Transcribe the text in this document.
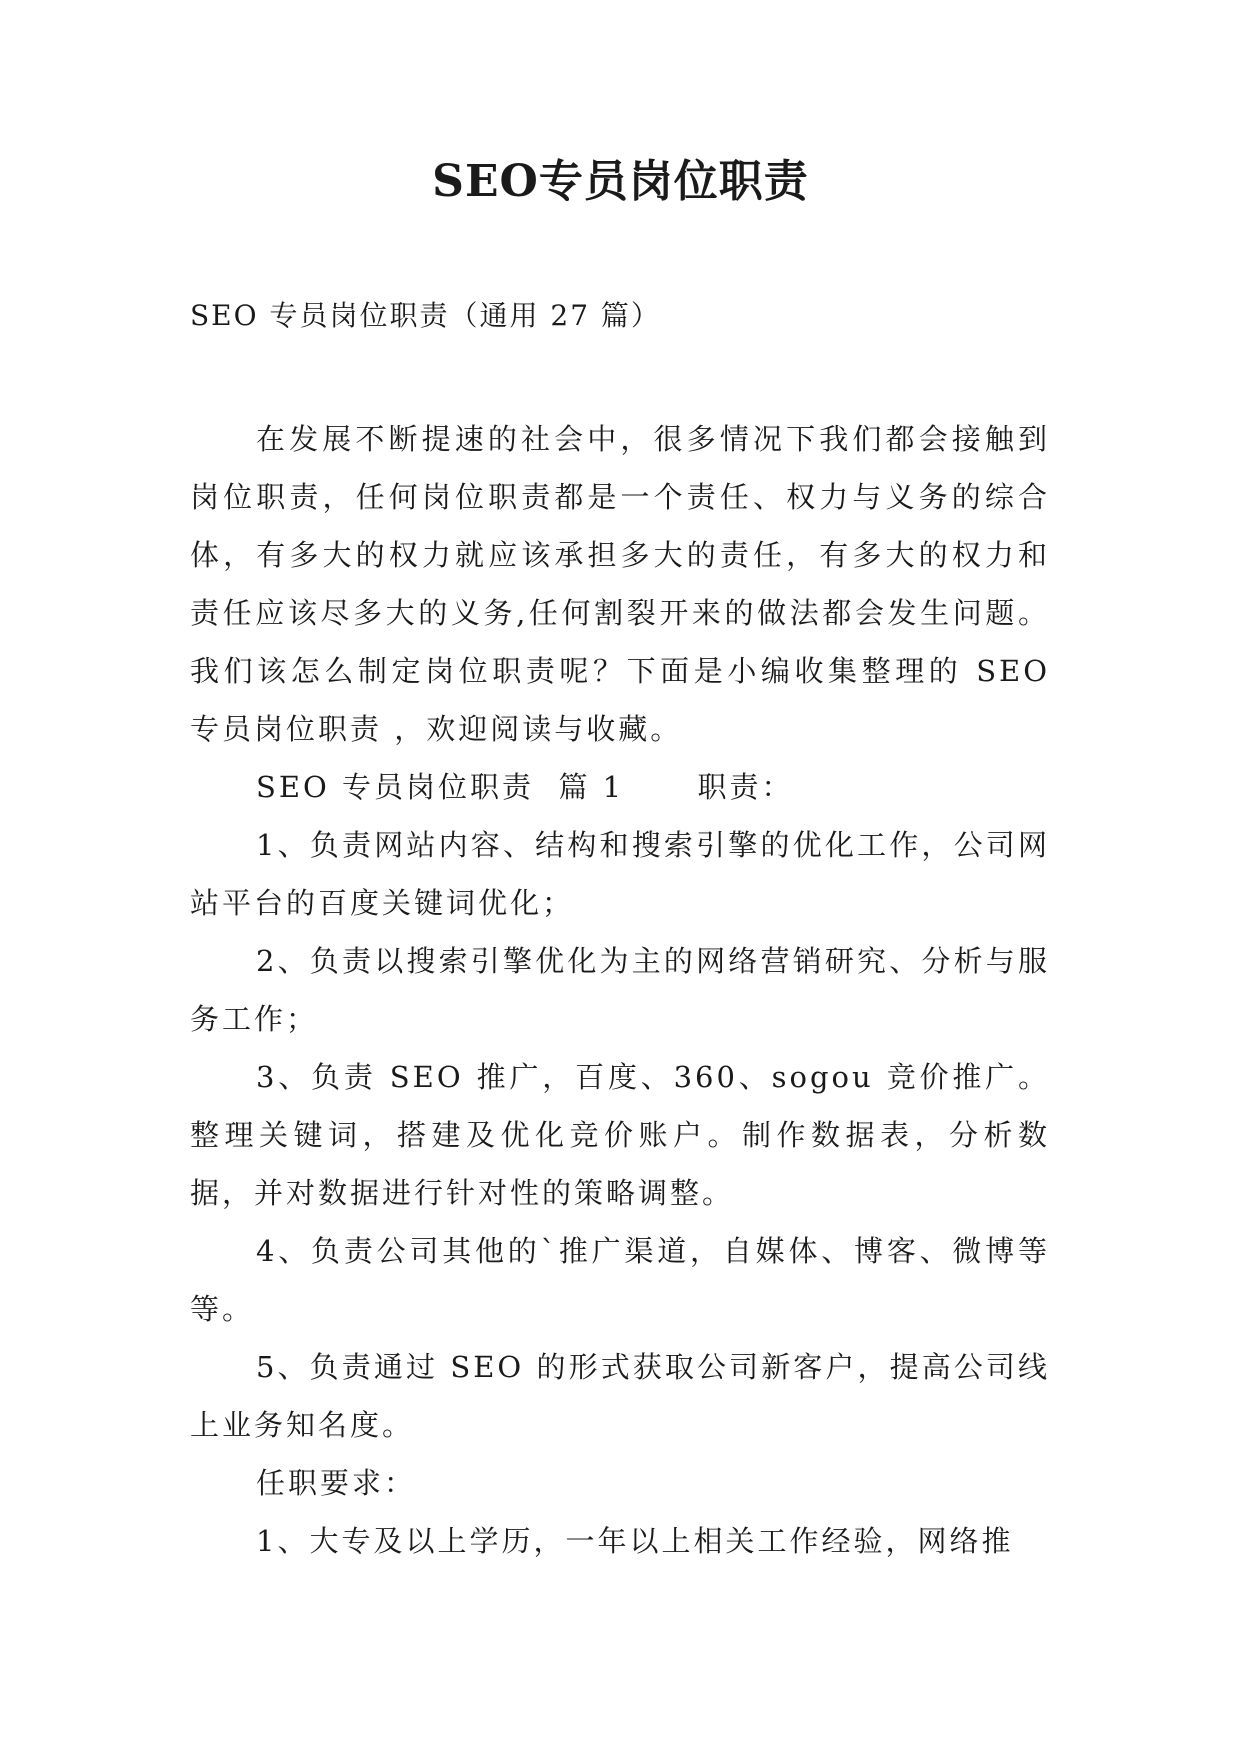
SEO专员岗位职责
SEO 专员岗位职责（通用 27 篇）

在发展不断提速的社会中，很多情况下我们都会接触到岗位职责，任何岗位职责都是一个责任、权力与义务的综合体，有多大的权力就应该承担多大的责任，有多大的权力和责任应该尽多大的义务,任何割裂开来的做法都会发生问题。我们该怎么制定岗位职责呢？下面是小编收集整理的 SEO 专员岗位职责 ，欢迎阅读与收藏。

SEO 专员岗位职责  篇 1      职责：

1、负责网站内容、结构和搜索引擎的优化工作，公司网站平台的百度关键词优化；

2、负责以搜索引擎优化为主的网络营销研究、分析与服务工作；

3、负责 SEO 推广，百度、360、sogou 竞价推广。整理关键词，搭建及优化竞价账户。制作数据表，分析数据，并对数据进行针对性的策略调整。

4、负责公司其他的`推广渠道，自媒体、博客、微博等等。

5、负责通过 SEO 的形式获取公司新客户，提高公司线上业务知名度。

任职要求：

1、大专及以上学历，一年以上相关工作经验，网络推
